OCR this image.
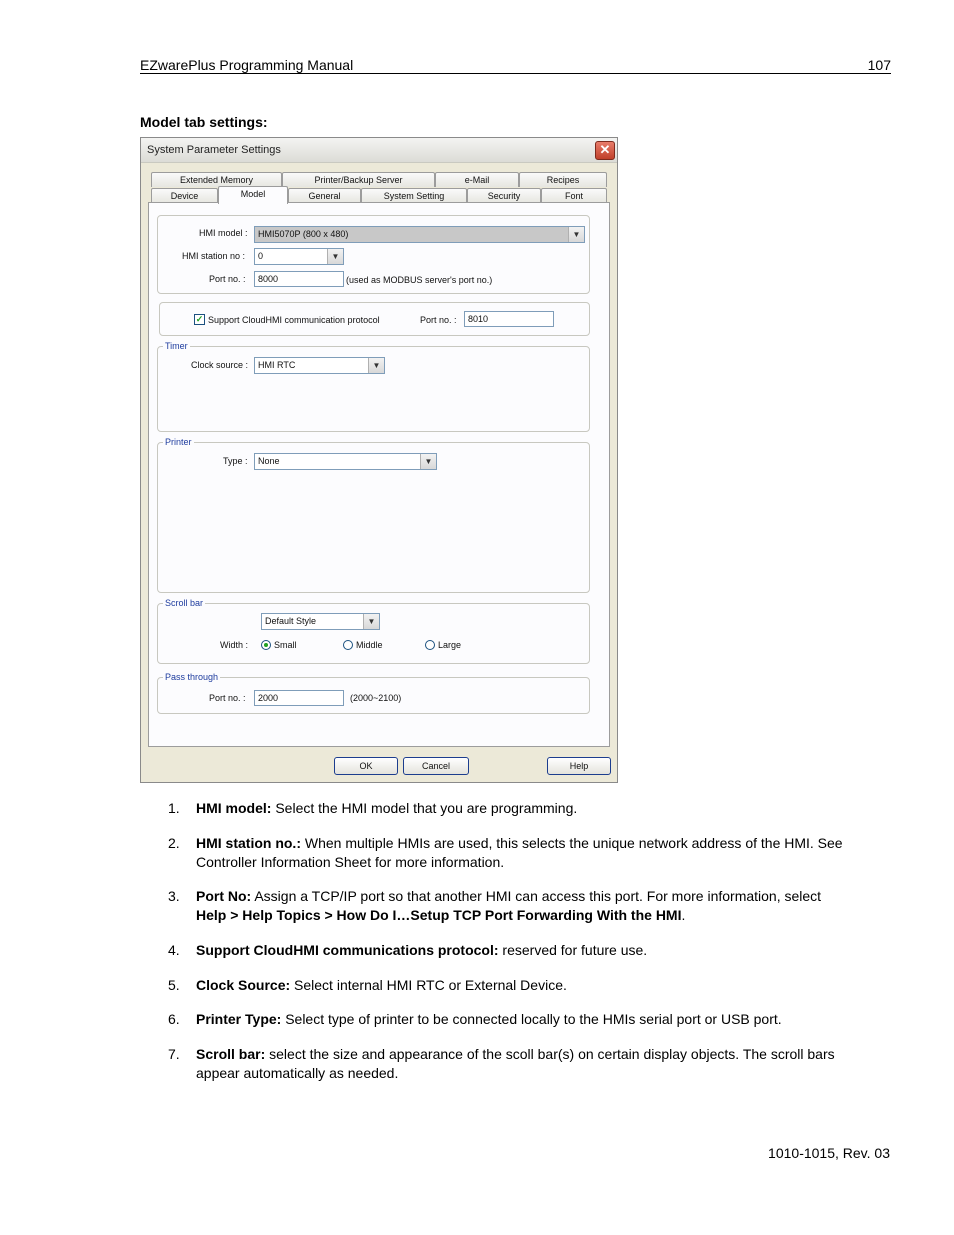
EZwarePlus Programming Manual	107
Model tab settings:
System Parameter Settings	✕
Extended Memory	Printer/Backup Server	e-Mail	Recipes
Device	Model	General	System Setting	Security	Font
HMI model :	HMI5070P (800 x 480)	▼
HMI station no :	0	▼
Port no. :	8000	(used as MODBUS server's port no.)
✓ Support CloudHMI communication protocol	Port no. :	8010
Timer
Clock source :	HMI RTC	▼
Printer
Type :	None	▼
Scroll bar
Default Style	▼
Width :	Small	Middle	Large
Pass through
Port no. :	2000	(2000~2100)
OK	Cancel	Help
1. HMI model: Select the HMI model that you are programming.
2. HMI station no.: When multiple HMIs are used, this selects the unique network address of the HMI. See Controller Information Sheet for more information.
3. Port No: Assign a TCP/IP port so that another HMI can access this port. For more information, select
Help > Help Topics > How Do I…Setup TCP Port Forwarding With the HMI.
4. Support CloudHMI communications protocol: reserved for future use.
5. Clock Source: Select internal HMI RTC or External Device.
6. Printer Type: Select type of printer to be connected locally to the HMIs serial port or USB port.
7. Scroll bar: select the size and appearance of the scoll bar(s) on certain display objects. The scroll bars appear automatically as needed.
1010-1015, Rev. 03
